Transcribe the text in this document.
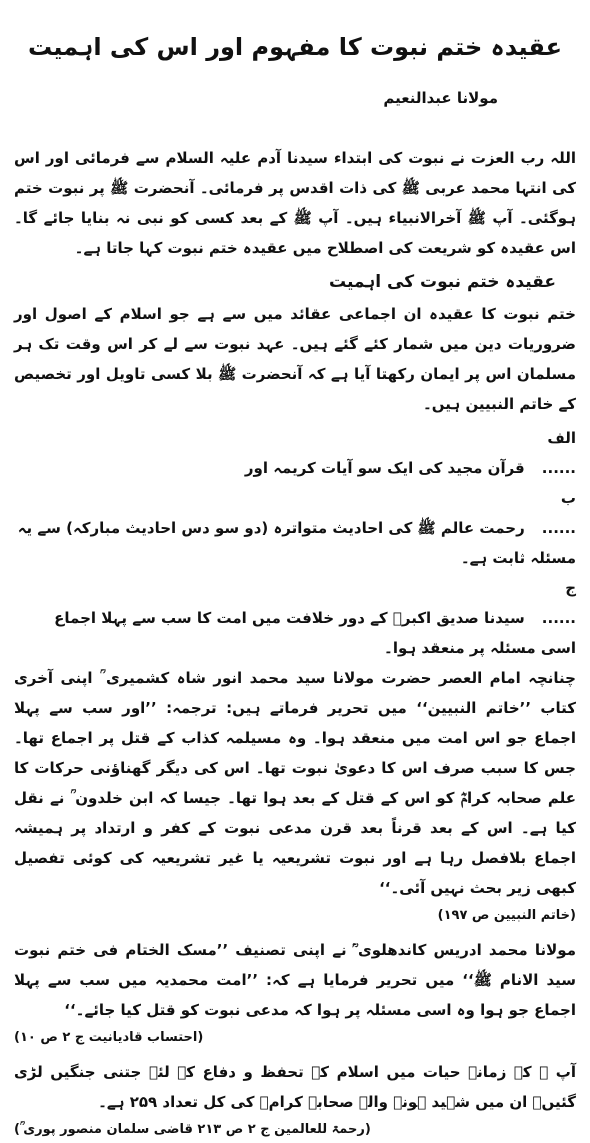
عقیدہ ختم نبوت کا مفہوم اور اس کی اہمیت
مولانا عبدالنعیم

اللہ رب العزت نے نبوت کی ابتداء سیدنا آدم علیہ السلام سے فرمائی اور اس کی انتہا محمد عربی ﷺ کی ذات اقدس پر فرمائی۔ آنحضرت ﷺ پر نبوت ختم ہوگئی۔ آپ ﷺ آخرالانبیاء ہیں۔ آپ ﷺ کے بعد کسی کو نبی نہ بنایا جائے گا۔ اس عقیدہ کو شریعت کی اصطلاح میں عقیدہ ختم نبوت کہا جاتا ہے۔

عقیدہ ختم نبوت کی اہمیت

ختم نبوت کا عقیدہ ان اجماعی عقائد میں سے ہے جو اسلام کے اصول اور ضروریات دین میں شمار کئے گئے ہیں۔ عہد نبوت سے لے کر اس وقت تک ہر مسلمان اس پر ایمان رکھتا آیا ہے کہ آنحضرت ﷺ بلا کسی تاویل اور تخصیص کے خاتم النبیین ہیں۔

الف ...... قرآن مجید کی ایک سو آیات کریمہ اور

ب ...... رحمت عالم ﷺ کی احادیث متواترہ (دو سو دس احادیث مبارکہ) سے یہ مسئلہ ثابت ہے۔

ج ...... سیدنا صدیق اکبرؓ کے دور خلافت میں امت کا سب سے پہلا اجماع اسی مسئلہ پر منعقد ہوا۔

چنانچہ امام العصر حضرت مولانا سید محمد انور شاہ کشمیری ؒ اپنی آخری کتاب ’’خاتم النبیین‘‘ میں تحریر فرماتے ہیں: ترجمہ: ’’اور سب سے پہلا اجماع جو اس امت میں منعقد ہوا۔ وہ مسیلمہ کذاب کے قتل پر اجماع تھا۔ جس کا سبب صرف اس کا دعویٰ نبوت تھا۔ اس کی دیگر گھناؤنی حرکات کا علم صحابہ کرامؓ کو اس کے قتل کے بعد ہوا تھا۔ جیسا کہ ابن خلدون ؒ نے نقل کیا ہے۔ اس کے بعد قرناً بعد قرن مدعی نبوت کے کفر و ارتداد پر ہمیشہ اجماع بلافصل رہا ہے اور نبوت تشریعیہ یا غیر تشریعیہ کی کوئی تفصیل کبھی زیر بحث نہیں آئی۔‘‘

(خاتم النبیین ص ۱۹۷)

مولانا محمد ادریس کاندھلوی ؒ نے اپنی تصنیف ’’مسک الختام فی ختم نبوت سید الانام ﷺ‘‘ میں تحریر فرمایا ہے کہ: ’’امت محمدیہ میں سب سے پہلا اجماع جو ہوا وہ اسی مسئلہ پر ہوا کہ مدعی نبوت کو قتل کیا جائے۔‘‘

(احتساب قادیانیت ج ۲ ص ۱۰)

آپ ﷺ کے زمانہ حیات میں اسلام کے تحفظ و دفاع کے لئے جتنی جنگیں لڑی گئیں۔ ان میں شہید ہونے والے صحابہ کرامؓ کی کل تعداد ۲۵۹ ہے۔

(رحمۃ للعالمین ج ۲ ص ۲۱۳ قاضی سلمان منصور پوری ؒ)
